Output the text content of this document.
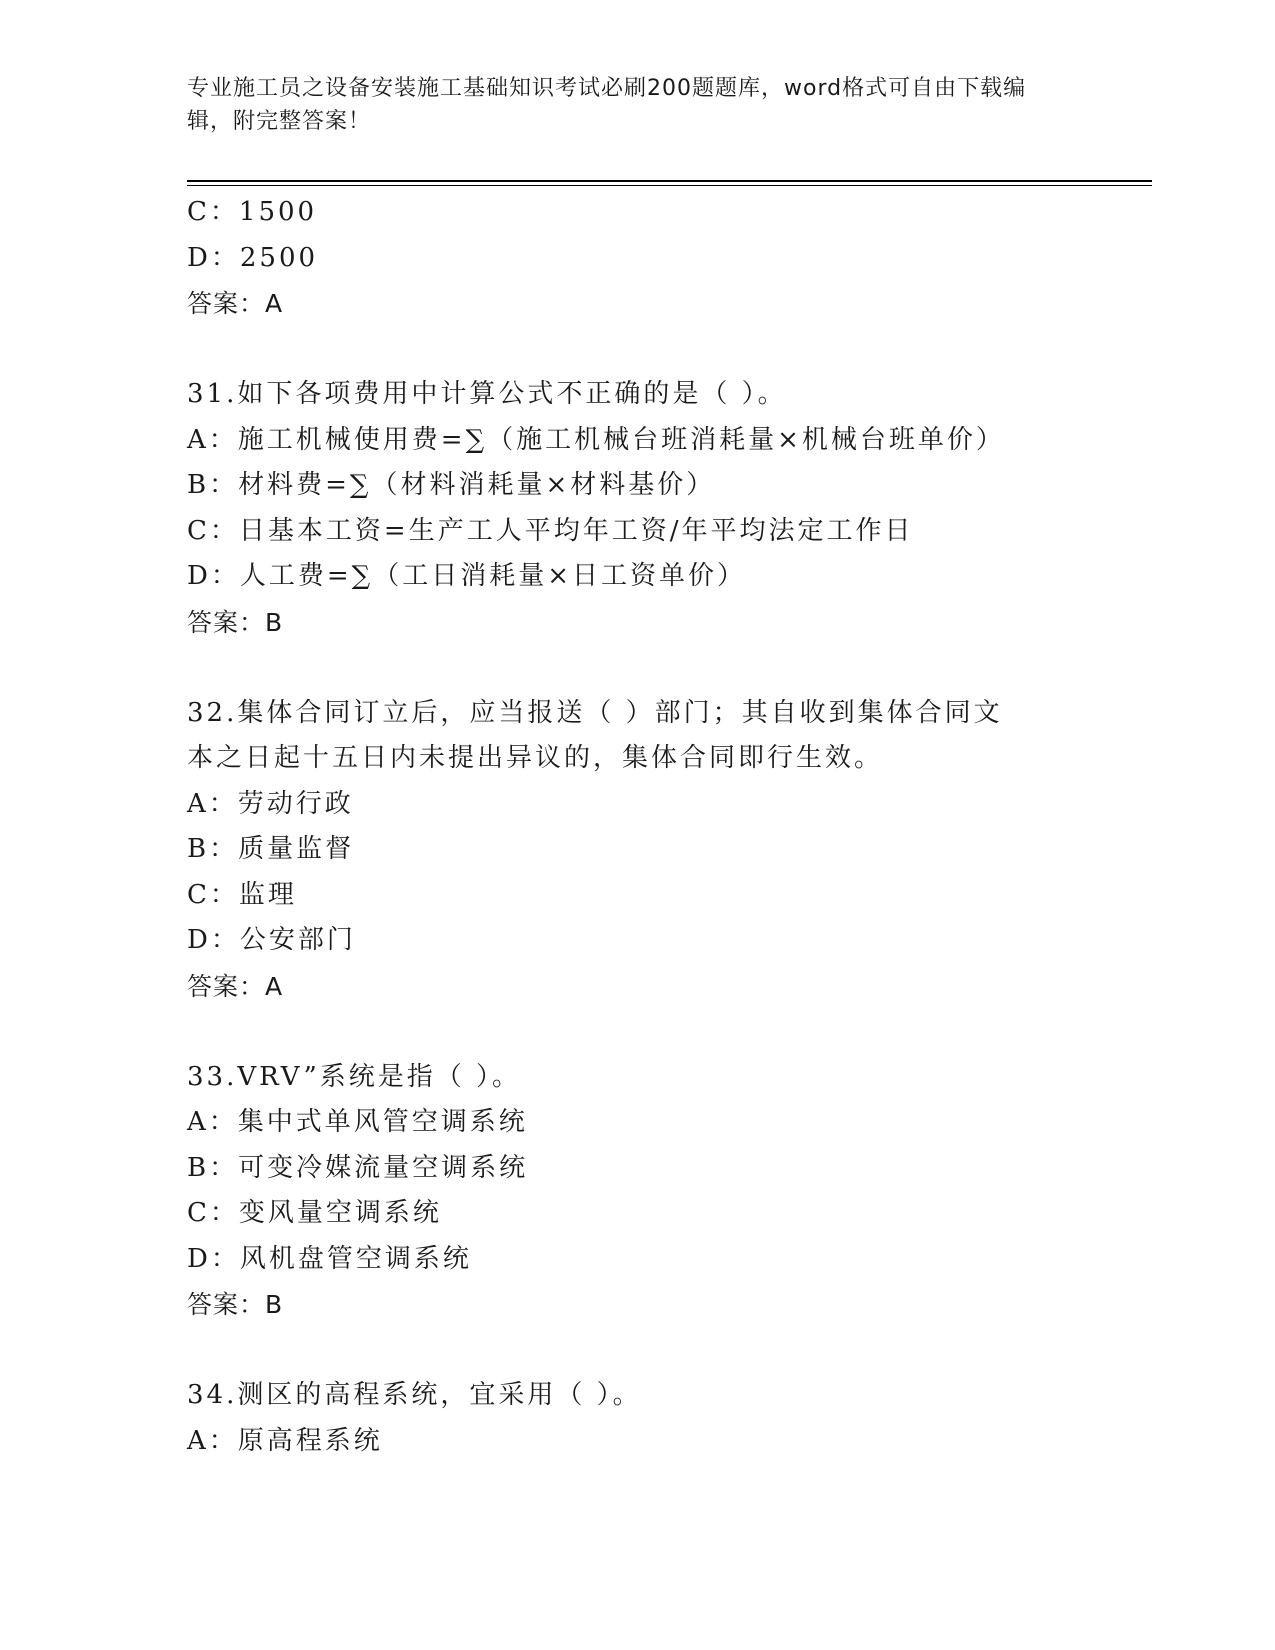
专业施工员之设备安装施工基础知识考试必刷200题题库，word格式可自由下载编辑，附完整答案！
C：1500
D：2500
答案：A
31.如下各项费用中计算公式不正确的是（ ）。
A：施工机械使用费=∑（施工机械台班消耗量×机械台班单价）
B：材料费=∑（材料消耗量×材料基价）
C：日基本工资=生产工人平均年工资/年平均法定工作日
D：人工费=∑（工日消耗量×日工资单价）
答案：B
32.集体合同订立后，应当报送（ ）部门；其自收到集体合同文本之日起十五日内未提出异议的，集体合同即行生效。
A：劳动行政
B：质量监督
C：监理
D：公安部门
答案：A
33.VRV”系统是指（ ）。
A：集中式单风管空调系统
B：可变冷媒流量空调系统
C：变风量空调系统
D：风机盘管空调系统
答案：B
34.测区的高程系统，宜采用（ ）。
A：原高程系统
